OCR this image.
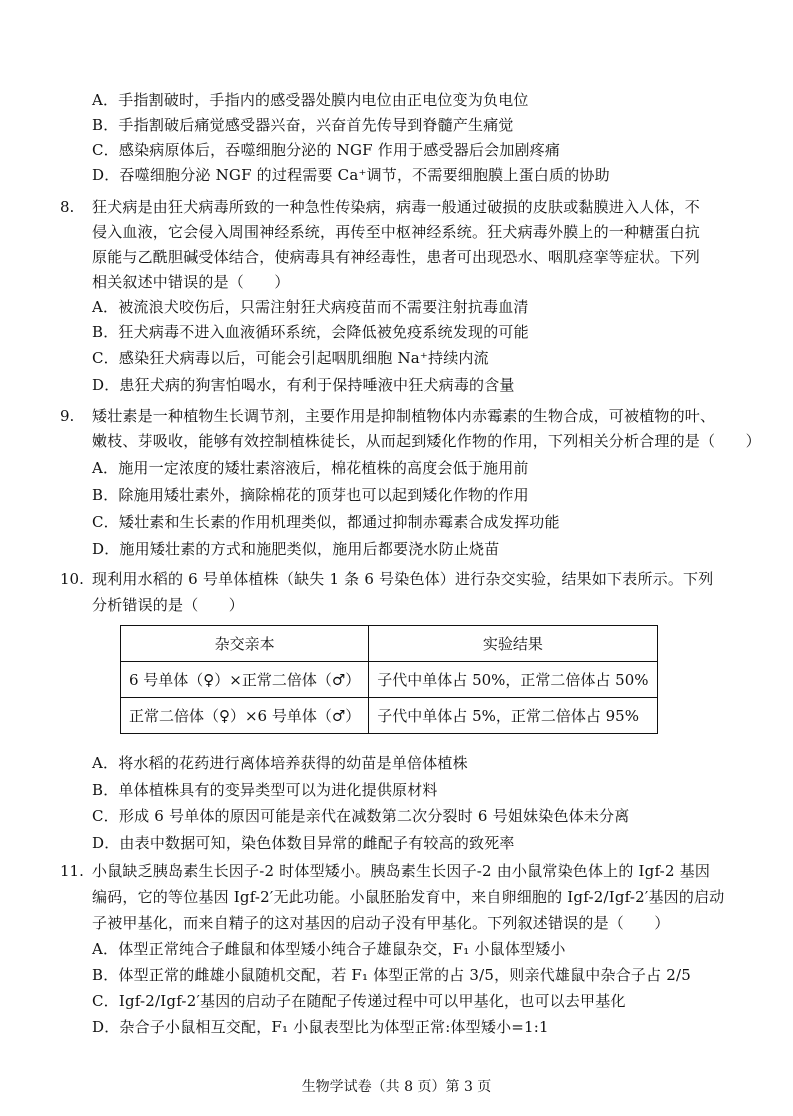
A．手指割破时，手指内的感受器处膜内电位由正电位变为负电位
B．手指割破后痛觉感受器兴奋，兴奋首先传导到脊髓产生痛觉
C．感染病原体后，吞噬细胞分泌的 NGF 作用于感受器后会加剧疼痛
D．吞噬细胞分泌 NGF 的过程需要 Ca⁺调节，不需要细胞膜上蛋白质的协助
8. 狂犬病是由狂犬病毒所致的一种急性传染病，病毒一般通过破损的皮肤或黏膜进入人体，不
侵入血液，它会侵入周围神经系统，再传至中枢神经系统。狂犬病毒外膜上的一种糖蛋白抗
原能与乙酰胆碱受体结合，使病毒具有神经毒性，患者可出现恐水、咽肌痉挛等症状。下列
相关叙述中错误的是（　　）
A．被流浪犬咬伤后，只需注射狂犬病疫苗而不需要注射抗毒血清
B．狂犬病毒不进入血液循环系统，会降低被免疫系统发现的可能
C．感染狂犬病毒以后，可能会引起咽肌细胞 Na⁺持续内流
D．患狂犬病的狗害怕喝水，有利于保持唾液中狂犬病毒的含量
9. 矮壮素是一种植物生长调节剂，主要作用是抑制植物体内赤霉素的生物合成，可被植物的叶、
嫩枝、芽吸收，能够有效控制植株徒长，从而起到矮化作物的作用，下列相关分析合理的是（　　）
A．施用一定浓度的矮壮素溶液后，棉花植株的高度会低于施用前
B．除施用矮壮素外，摘除棉花的顶芽也可以起到矮化作物的作用
C．矮壮素和生长素的作用机理类似，都通过抑制赤霉素合成发挥功能
D．施用矮壮素的方式和施肥类似，施用后都要浇水防止烧苗
10. 现利用水稻的 6 号单体植株（缺失 1 条 6 号染色体）进行杂交实验，结果如下表所示。下列
分析错误的是（　　）
杂交亲本	实验结果
6 号单体（♀）×正常二倍体（♂）	子代中单体占 50%，正常二倍体占 50%
正常二倍体（♀）×6 号单体（♂）	子代中单体占 5%，正常二倍体占 95%
A．将水稻的花药进行离体培养获得的幼苗是单倍体植株
B．单体植株具有的变异类型可以为进化提供原材料
C．形成 6 号单体的原因可能是亲代在减数第二次分裂时 6 号姐妹染色体未分离
D．由表中数据可知，染色体数目异常的雌配子有较高的致死率
11. 小鼠缺乏胰岛素生长因子-2 时体型矮小。胰岛素生长因子-2 由小鼠常染色体上的 Igf-2 基因
编码，它的等位基因 Igf-2′无此功能。小鼠胚胎发育中，来自卵细胞的 Igf-2/Igf-2′基因的启动
子被甲基化，而来自精子的这对基因的启动子没有甲基化。下列叙述错误的是（　　）
A．体型正常纯合子雌鼠和体型矮小纯合子雄鼠杂交，F₁ 小鼠体型矮小
B．体型正常的雌雄小鼠随机交配，若 F₁ 体型正常的占 3/5，则亲代雄鼠中杂合子占 2/5
C．Igf-2/Igf-2′基因的启动子在随配子传递过程中可以甲基化，也可以去甲基化
D．杂合子小鼠相互交配，F₁ 小鼠表型比为体型正常:体型矮小=1:1
生物学试卷（共 8 页）第 3 页
